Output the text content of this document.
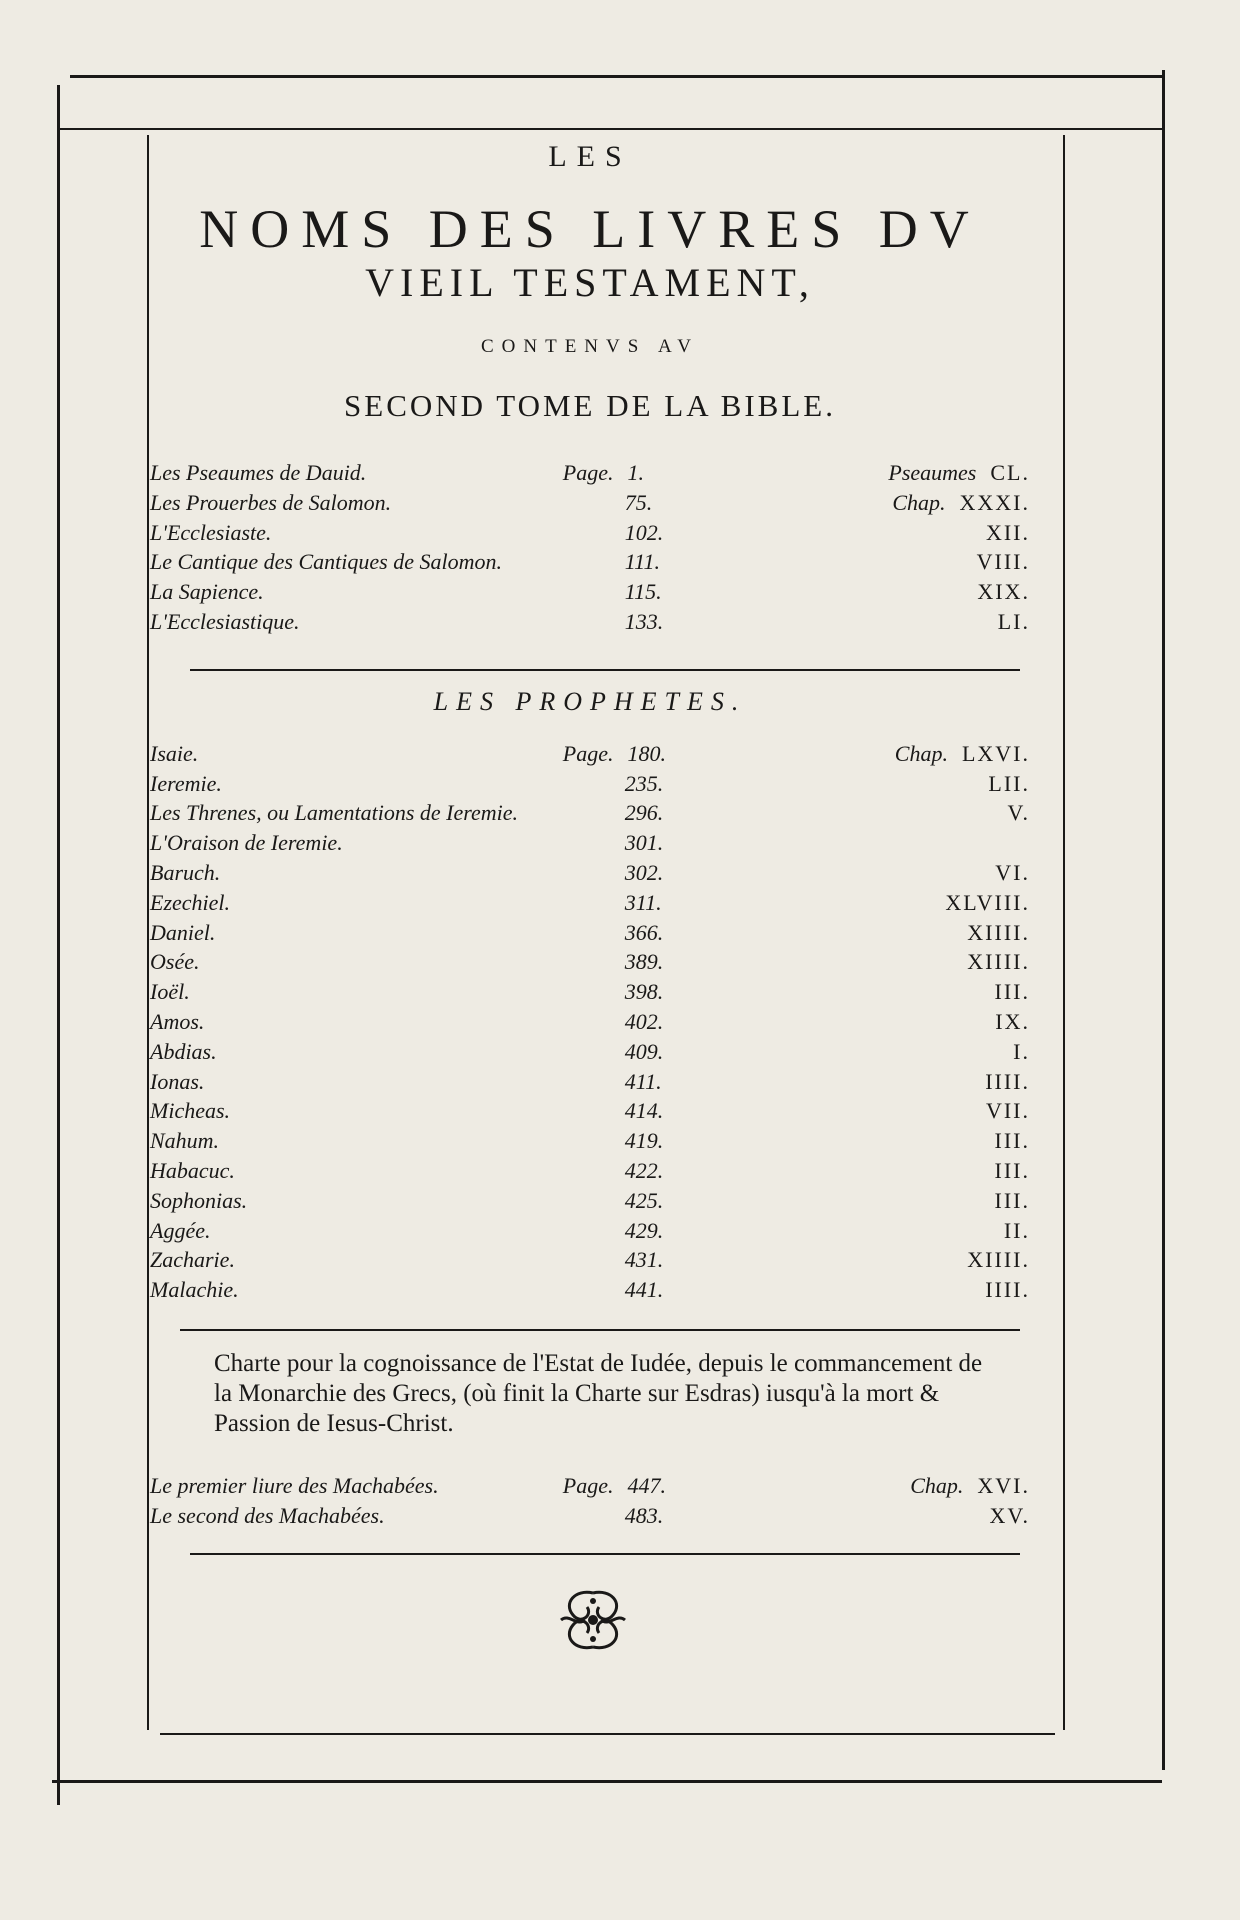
LES
NOMS DES LIVRES DV
VIEIL TESTAMENT,
CONTENVS AV
SECOND TOME DE LA BIBLE.
Les Pseaumes de Dauid.	Page. 1.	Pseaumes CL.
Les Prouerbes de Salomon.	75.	Chap. XXXI.
L'Ecclesiaste.	102.	XII.
Le Cantique des Cantiques de Salomon.	111.	VIII.
La Sapience.	115.	XIX.
L'Ecclesiastique.	133.	LI.
LES PROPHETES.
Isaie.	Page. 180.	Chap. LXVI.
Ieremie.	235.	LII.
Les Threnes, ou Lamentations de Ieremie.	296.	V.
L'Oraison de Ieremie.	301.	
Baruch.	302.	VI.
Ezechiel.	311.	XLVIII.
Daniel.	366.	XIIII.
Osée.	389.	XIIII.
Ioël.	398.	III.
Amos.	402.	IX.
Abdias.	409.	I.
Ionas.	411.	IIII.
Micheas.	414.	VII.
Nahum.	419.	III.
Habacuc.	422.	III.
Sophonias.	425.	III.
Aggée.	429.	II.
Zacharie.	431.	XIIII.
Malachie.	441.	IIII.
Charte pour la cognoissance de l'Estat de Iudée, depuis le commancement de la Monarchie des Grecs, (où finit la Charte sur Esdras) iusqu'à la mort & Passion de Iesus-Christ.
Le premier liure des Machabées.	Page. 447.	Chap. XVI.
Le second des Machabées.	483.	XV.
